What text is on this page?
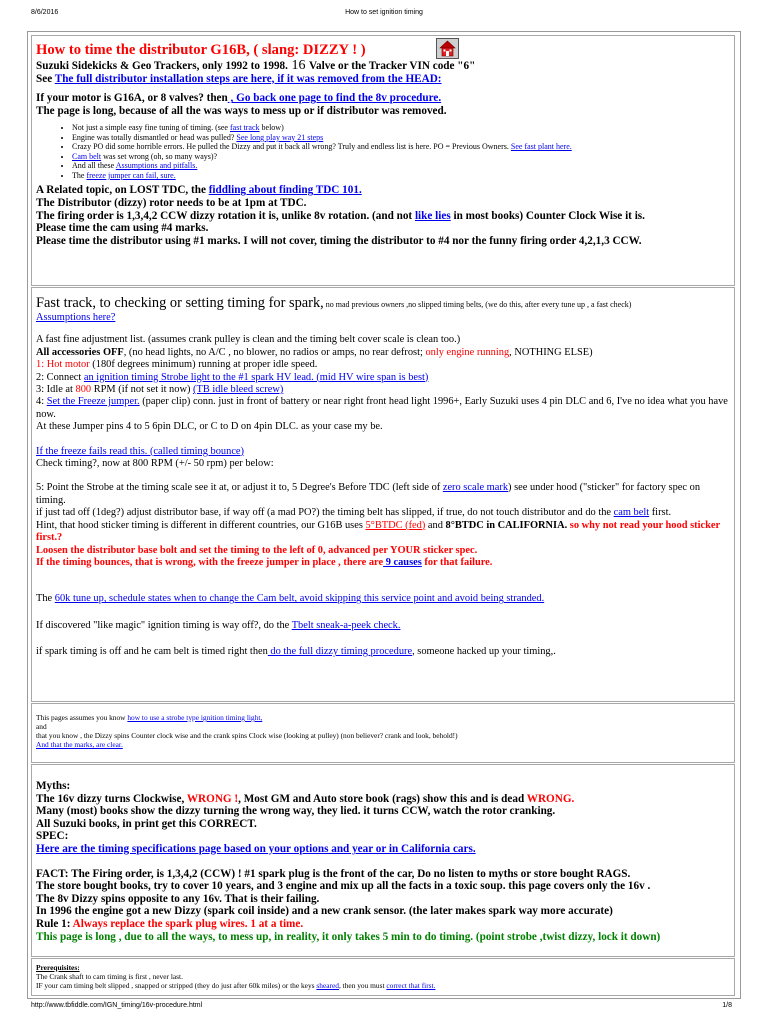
8/6/2016	How to set ignition timing

How to time the distributor G16B, ( slang: DIZZY ! )

Suzuki Sidekicks & Geo Trackers, only 1992 to 1998. 16 Valve or the Tracker VIN code "6"

See The full distributor installation steps are here, if it was removed from the HEAD:

If your motor is G16A, or 8 valves? then , Go back one page to find the 8v procedure.

The page is long, because of all the was ways to mess up or if distributor was removed.

• Not just a simple easy fine tuning of timing. (see fast track below)
• Engine was totally dismantled or head was pulled? See long play way 21 steps
• Crazy PO did some horrible errors. He pulled the Dizzy and put it back all wrong? Truly and endless list is here. PO = Previous Owners. See fast plant here.
• Cam belt was set wrong (oh, so many ways)?
• And all these Assumptions and pitfalls.
• The freeze jumper can fail, sure.

A Related topic, on LOST TDC, the fiddling about finding TDC 101.

The Distributor (dizzy) rotor needs to be at 1pm at TDC.

The firing order is 1,3,4,2 CCW dizzy rotation it is, unlike 8v rotation. (and not like lies in most books) Counter Clock Wise it is.

Please time the cam using #4 marks.

Please time the distributor using #1 marks. I will not cover, timing the distributor to #4 nor the funny firing order 4,2,1,3 CCW.

Fast track, to checking or setting timing for spark, no mad previous owners ,no slipped timing belts, (we do this, after every tune up , a fast check)

Assumptions here?

A fast fine adjustment list. (assumes crank pulley is clean and the timing belt cover scale is clean too.)

All accessories OFF, (no head lights, no A/C , no blower, no radios or amps, no rear defrost; only engine running, NOTHING ELSE)

1: Hot motor (180f degrees minimum) running at proper idle speed.

2: Connect an ignition timing Strobe light to the #1 spark HV lead. (mid HV wire span is best)

3: Idle at 800 RPM (if not set it now) (TB idle bleed screw)

4: Set the Freeze jumper. (paper clip) conn. just in front of battery or near right front head light 1996+, Early Suzuki uses 4 pin DLC and 6, I've no idea what you have now.

At these Jumper pins 4 to 5 6pin DLC, or C to D on 4pin DLC. as your case my be.

If the freeze fails read this. (called timing bounce)

Check timing?, now at 800 RPM (+/- 50 rpm) per below:

5: Point the Strobe at the timing scale see it at, or adjust it to, 5 Degree's Before TDC (left side of zero scale mark) see under hood ("sticker" for factory spec on timing.

if just tad off (1deg?) adjust distributor base, if way off (a mad PO?) the timing belt has slipped, if true, do not touch distributor and do the cam belt first.

Hint, that hood sticker timing is different in different countries, our G16B uses 5°BTDC (fed) and 8°BTDC in CALIFORNIA. so why not read your hood sticker first.?

Loosen the distributor base bolt and set the timing to the left of 0, advanced per YOUR sticker spec.

If the timing bounces, that is wrong, with the freeze jumper in place , there are 9 causes for that failure.

The 60k tune up, schedule states when to change the Cam belt, avoid skipping this service point and avoid being stranded.

If discovered "like magic" ignition timing is way off?, do the Tbelt sneak-a-peek check.

if spark timing is off and he cam belt is timed right then do the full dizzy timing procedure, someone hacked up your timing,.

This pages assumes you know how to use a strobe type ignition timing light,

and

that you know , the Dizzy spins Counter clock wise and the crank spins Clock wise (looking at pulley) (non believer? crank and look, behold!)

And that the marks, are clear.

Myths:

The 16v dizzy turns Clockwise, WRONG !, Most GM and Auto store book (rags) show this and is dead WRONG.

Many (most) books show the dizzy turning the wrong way, they lied. it turns CCW, watch the rotor cranking.

All Suzuki books, in print get this CORRECT.

SPEC:

Here are the timing specifications page based on your options and year or in California cars.

FACT: The Firing order, is 1,3,4,2 (CCW) ! #1 spark plug is the front of the car, Do no listen to myths or store bought RAGS.

The store bought books, try to cover 10 years, and 3 engine and mix up all the facts in a toxic soup. this page covers only the 16v .

The 8v Dizzy spins opposite to any 16v. That is their failing.

In 1996 the engine got a new Dizzy (spark coil inside) and a new crank sensor. (the later makes spark way more accurate)

Rule 1: Always replace the spark plug wires. 1 at a time.

This page is long , due to all the ways, to mess up, in reality, it only takes 5 min to do timing. (point strobe ,twist dizzy, lock it down)

Prerequisites:

The Crank shaft to cam timing is first , never last.

IF your cam timing belt slipped , snapped or stripped (they do just after 60k miles) or the keys sheared, then you must correct that first.

http://www.tbfiddle.com/IGN_timing/16v-procedure.html	1/8
